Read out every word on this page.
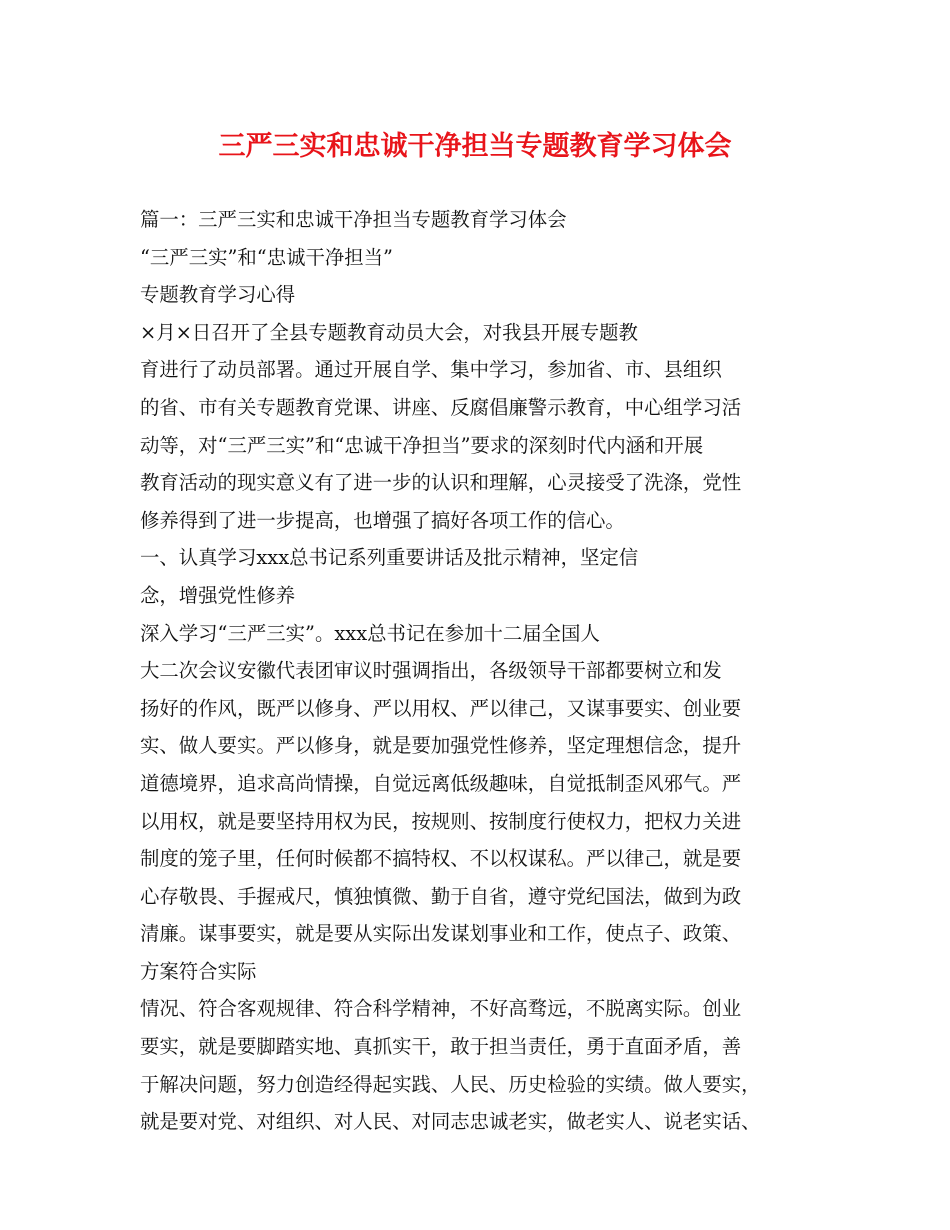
三严三实和忠诚干净担当专题教育学习体会
篇一：三严三实和忠诚干净担当专题教育学习体会
“三严三实”和“忠诚干净担当”
专题教育学习心得
×月×日召开了全县专题教育动员大会，对我县开展专题教
育进行了动员部署。通过开展自学、集中学习，参加省、市、县组织
的省、市有关专题教育党课、讲座、反腐倡廉警示教育，中心组学习活
动等，对“三严三实”和“忠诚干净担当”要求的深刻时代内涵和开展
教育活动的现实意义有了进一步的认识和理解，心灵接受了洗涤，党性
修养得到了进一步提高，也增强了搞好各项工作的信心。
一、认真学习xxx总书记系列重要讲话及批示精神，坚定信
念，增强党性修养
深入学习“三严三实”。xxx总书记在参加十二届全国人
大二次会议安徽代表团审议时强调指出，各级领导干部都要树立和发
扬好的作风，既严以修身、严以用权、严以律己，又谋事要实、创业要
实、做人要实。严以修身，就是要加强党性修养，坚定理想信念，提升
道德境界，追求高尚情操，自觉远离低级趣味，自觉抵制歪风邪气。严
以用权，就是要坚持用权为民，按规则、按制度行使权力，把权力关进
制度的笼子里，任何时候都不搞特权、不以权谋私。严以律己，就是要
心存敬畏、手握戒尺，慎独慎微、勤于自省，遵守党纪国法，做到为政
清廉。谋事要实，就是要从实际出发谋划事业和工作，使点子、政策、
方案符合实际
情况、符合客观规律、符合科学精神，不好高骛远，不脱离实际。创业
要实，就是要脚踏实地、真抓实干，敢于担当责任，勇于直面矛盾，善
于解决问题，努力创造经得起实践、人民、历史检验的实绩。做人要实，
就是要对党、对组织、对人民、对同志忠诚老实，做老实人、说老实话、
